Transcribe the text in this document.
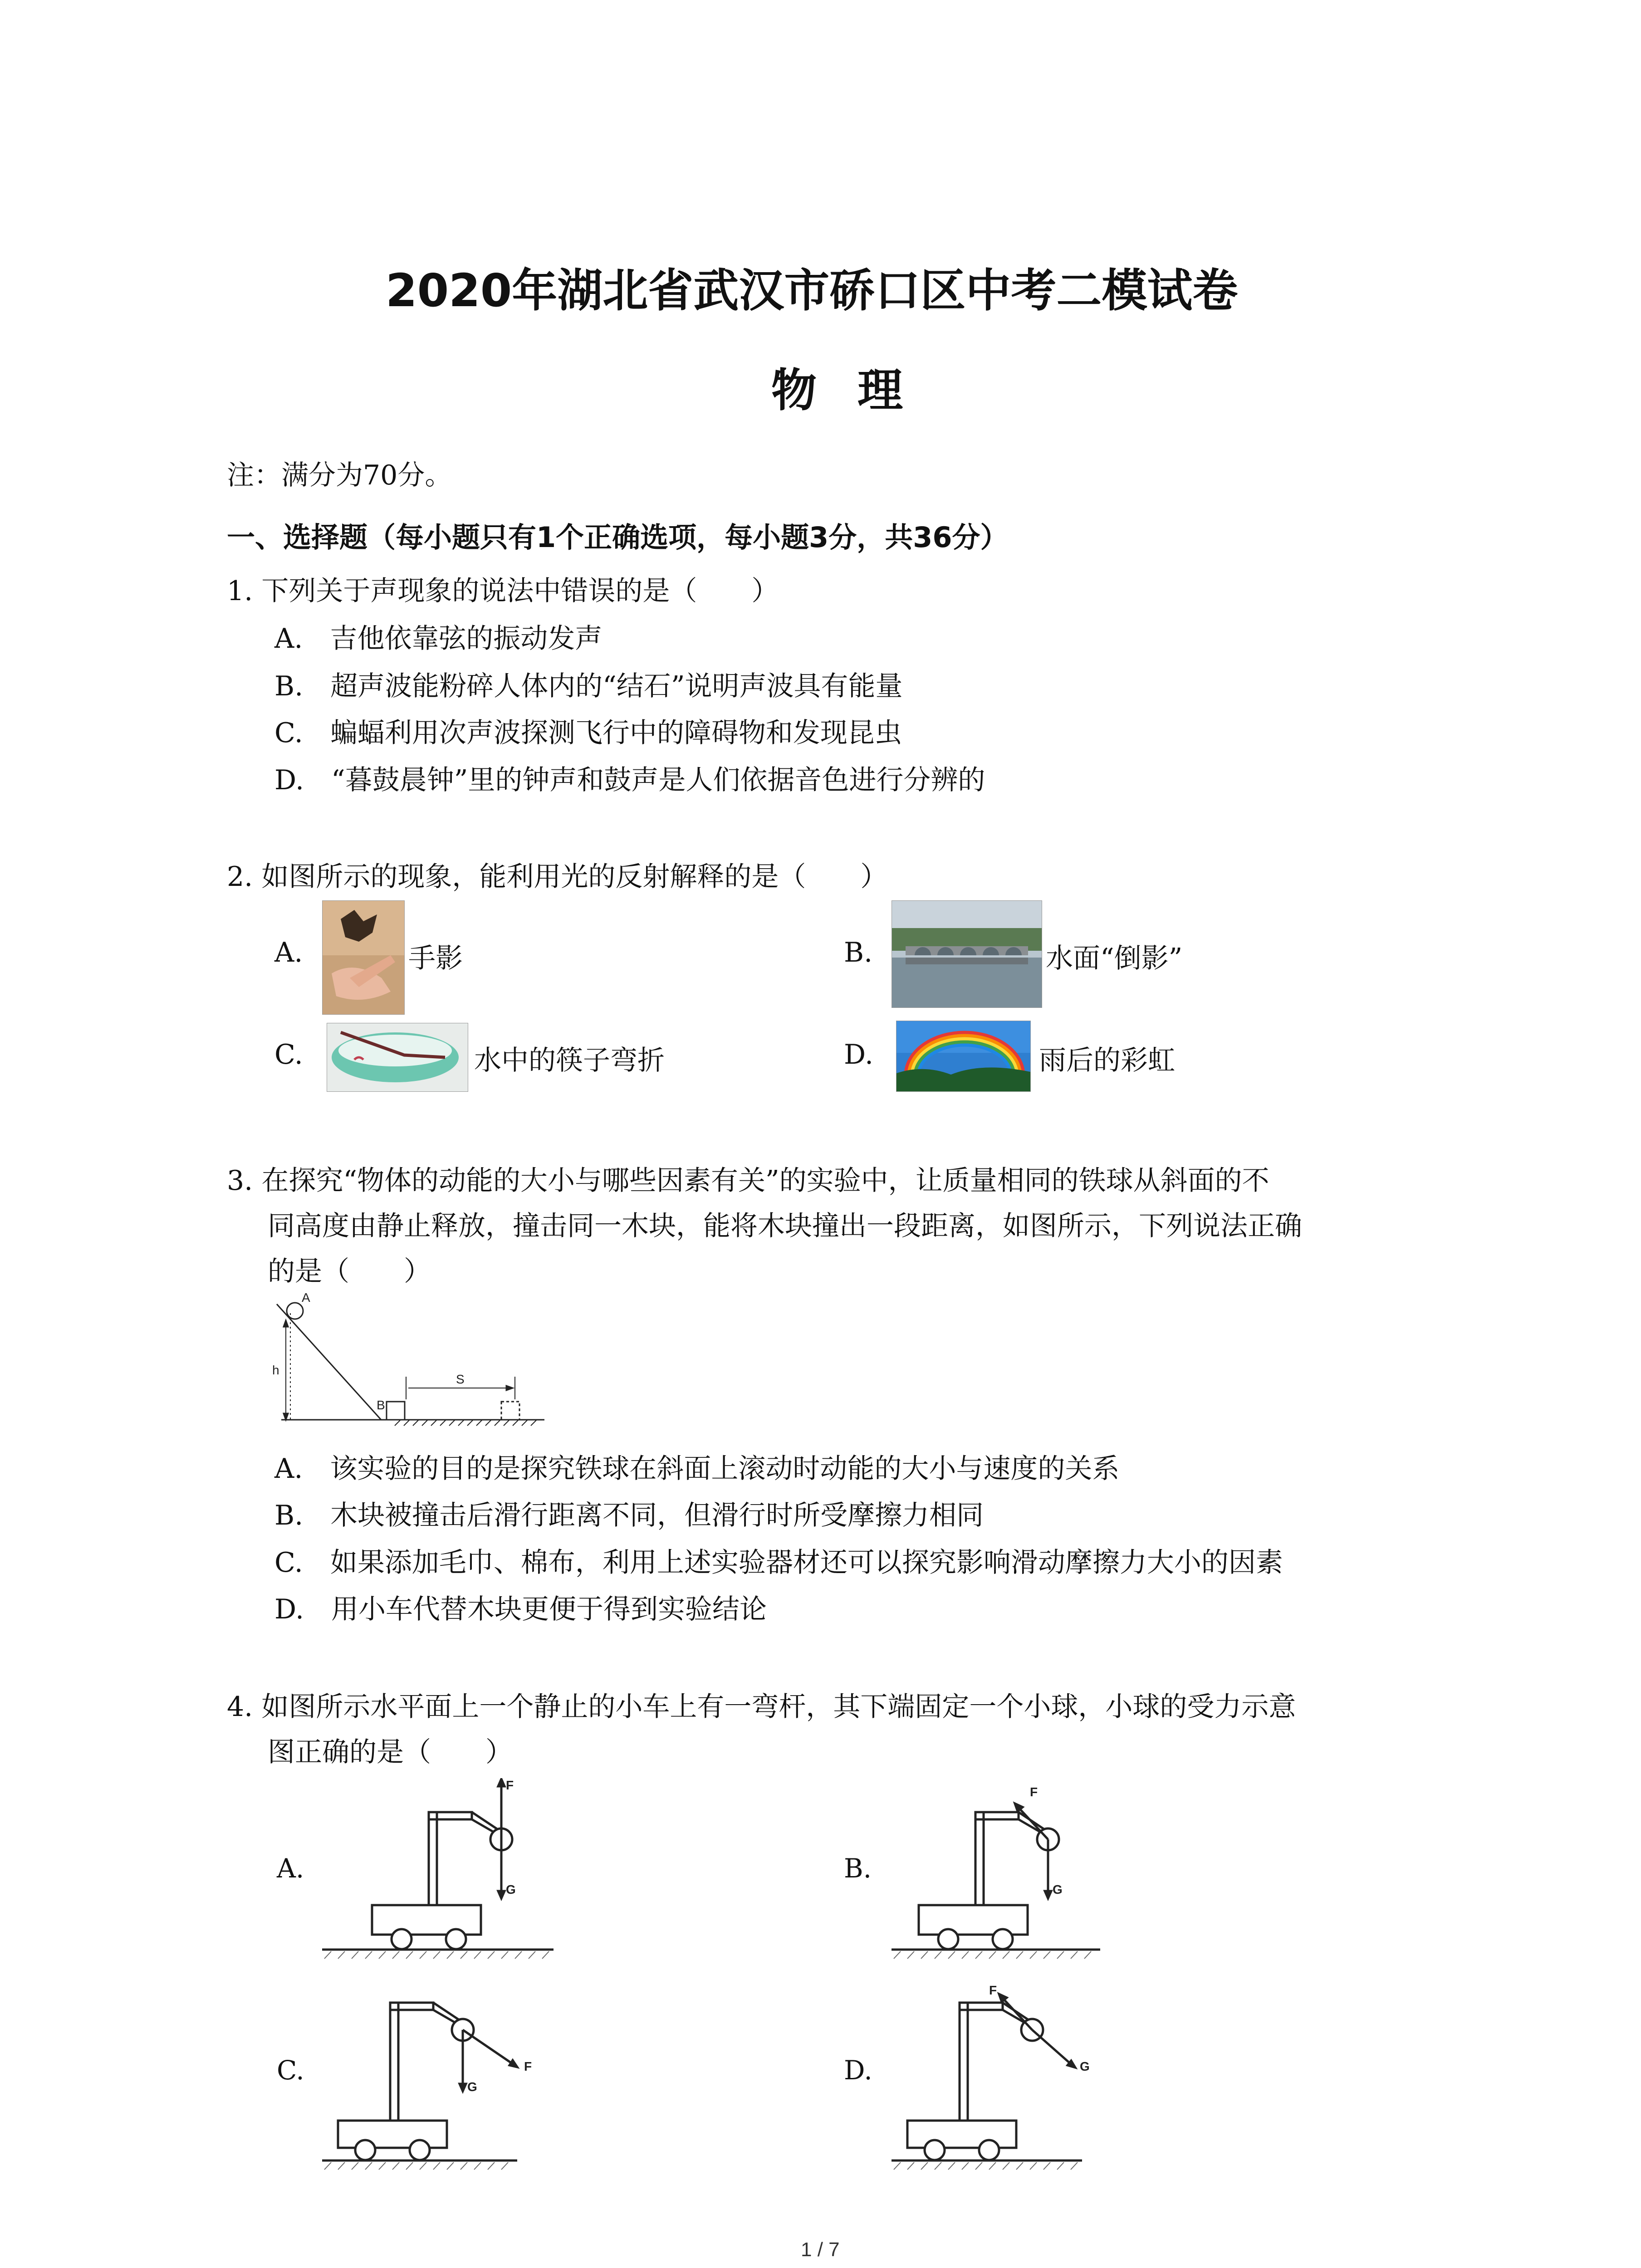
2020年湖北省武汉市硚口区中考二模试卷
物理
注：满分为70分。
一、选择题（每小题只有1个正确选项，每小题3分，共36分）
1. 下列关于声现象的说法中错误的是（　　）
A.　吉他依靠弦的振动发声
B.　超声波能粉碎人体内的“结石”说明声波具有能量
C.　蝙蝠利用次声波探测飞行中的障碍物和发现昆虫
D.　“暮鼓晨钟”里的钟声和鼓声是人们依据音色进行分辨的
2. 如图所示的现象，能利用光的反射解释的是（　　）
A.	手影	B.	水面“倒影”
C.	水中的筷子弯折	D.	雨后的彩虹
3. 在探究“物体的动能的大小与哪些因素有关”的实验中，让质量相同的铁球从斜面的不
同高度由静止释放，撞击同一木块，能将木块撞出一段距离，如图所示，下列说法正确
的是（　　）
A
h
B
S
A.　该实验的目的是探究铁球在斜面上滚动时动能的大小与速度的关系
B.　木块被撞击后滑行距离不同，但滑行时所受摩擦力相同
C.　如果添加毛巾、棉布，利用上述实验器材还可以探究影响滑动摩擦力大小的因素
D.　用小车代替木块更便于得到实验结论
4. 如图所示水平面上一个静止的小车上有一弯杆，其下端固定一个小球，小球的受力示意
图正确的是（　　）
A.
F
G
B.
F
G
C.	F
G
D.
F
G
1 / 7
